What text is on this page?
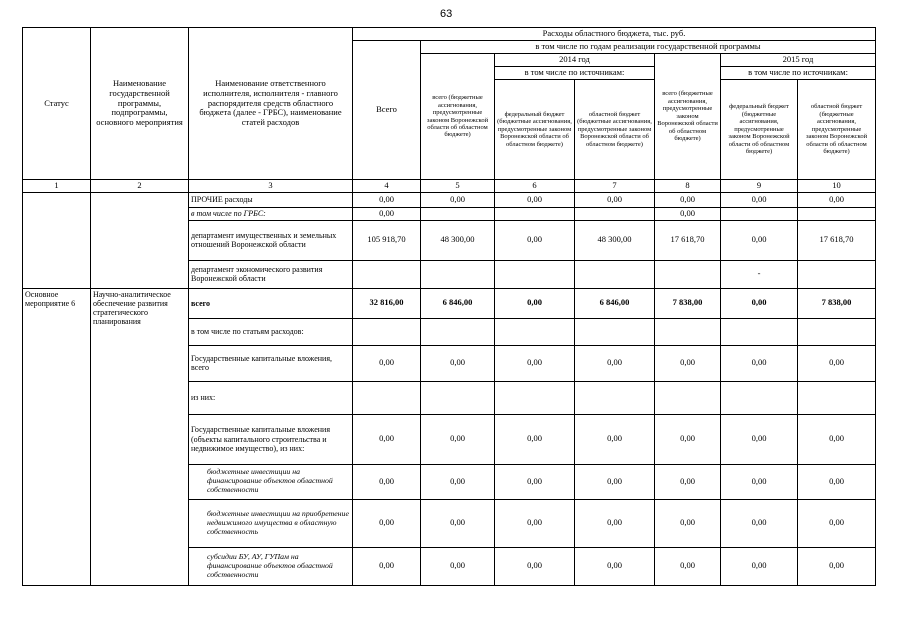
63
Статус	Наименование государственной программы, подпрограммы, основного мероприятия	Наименование ответственного исполнителя, исполнителя - главного распорядителя средств областного бюджета (далее - ГРБС), наименование статей расходов	Расходы областного бюджета, тыс. руб.						
			Всего	в том числе по годам реализации государственной программы					
				всего (бюджетные ассигнования, предусмотренные законом Воронежской области об областном бюджете)	2014 год		всего (бюджетные ассигнования, предусмотренные законом Воронежской области об областном бюджете)	2015 год	
					в том числе по источникам:			в том числе по источникам:	
					федеральный бюджет (бюджетные ассигнования, предусмотренные законом Воронежской области об областном бюджете)	областной бюджет (бюджетные ассигнования, предусмотренные законом Воронежской области об областном бюджете)		федеральный бюджет (бюджетные ассигнования, предусмотренные законом Воронежской области об областном бюджете)	областной бюджет (бюджетные ассигнования, предусмотренные законом Воронежской области об областном бюджете)
1	2	3	4	5	6	7	8	9	10
		ПРОЧИЕ расходы	0,00	0,00	0,00	0,00	0,00	0,00	0,00
		в том числе по ГРБС:	0,00				0,00		
		департамент имущественных и земельных отношений Воронежской области	105 918,70	48 300,00	0,00	48 300,00	17 618,70	0,00	17 618,70
		департамент экономического развития Воронежской области						-	
Основное мероприятие 6	Научно-аналитическое обеспечение развития стратегического планирования	всего	32 816,00	6 846,00	0,00	6 846,00	7 838,00	0,00	7 838,00
		в том числе по статьям расходов:							
		Государственные капитальные вложения, всего	0,00	0,00	0,00	0,00	0,00	0,00	0,00
		из них:							
		Государственные капитальные вложения (объекты капитального строительства и недвижимое имущество), из них:	0,00	0,00	0,00	0,00	0,00	0,00	0,00
		бюджетные инвестиции на финансирование объектов областной собственности	0,00	0,00	0,00	0,00	0,00	0,00	0,00
		бюджетные инвестиции на приобретение недвижимого имущества в областную собственность	0,00	0,00	0,00	0,00	0,00	0,00	0,00
		субсидии БУ, АУ, ГУПам на финансирование объектов областной собственности	0,00	0,00	0,00	0,00	0,00	0,00	0,00
